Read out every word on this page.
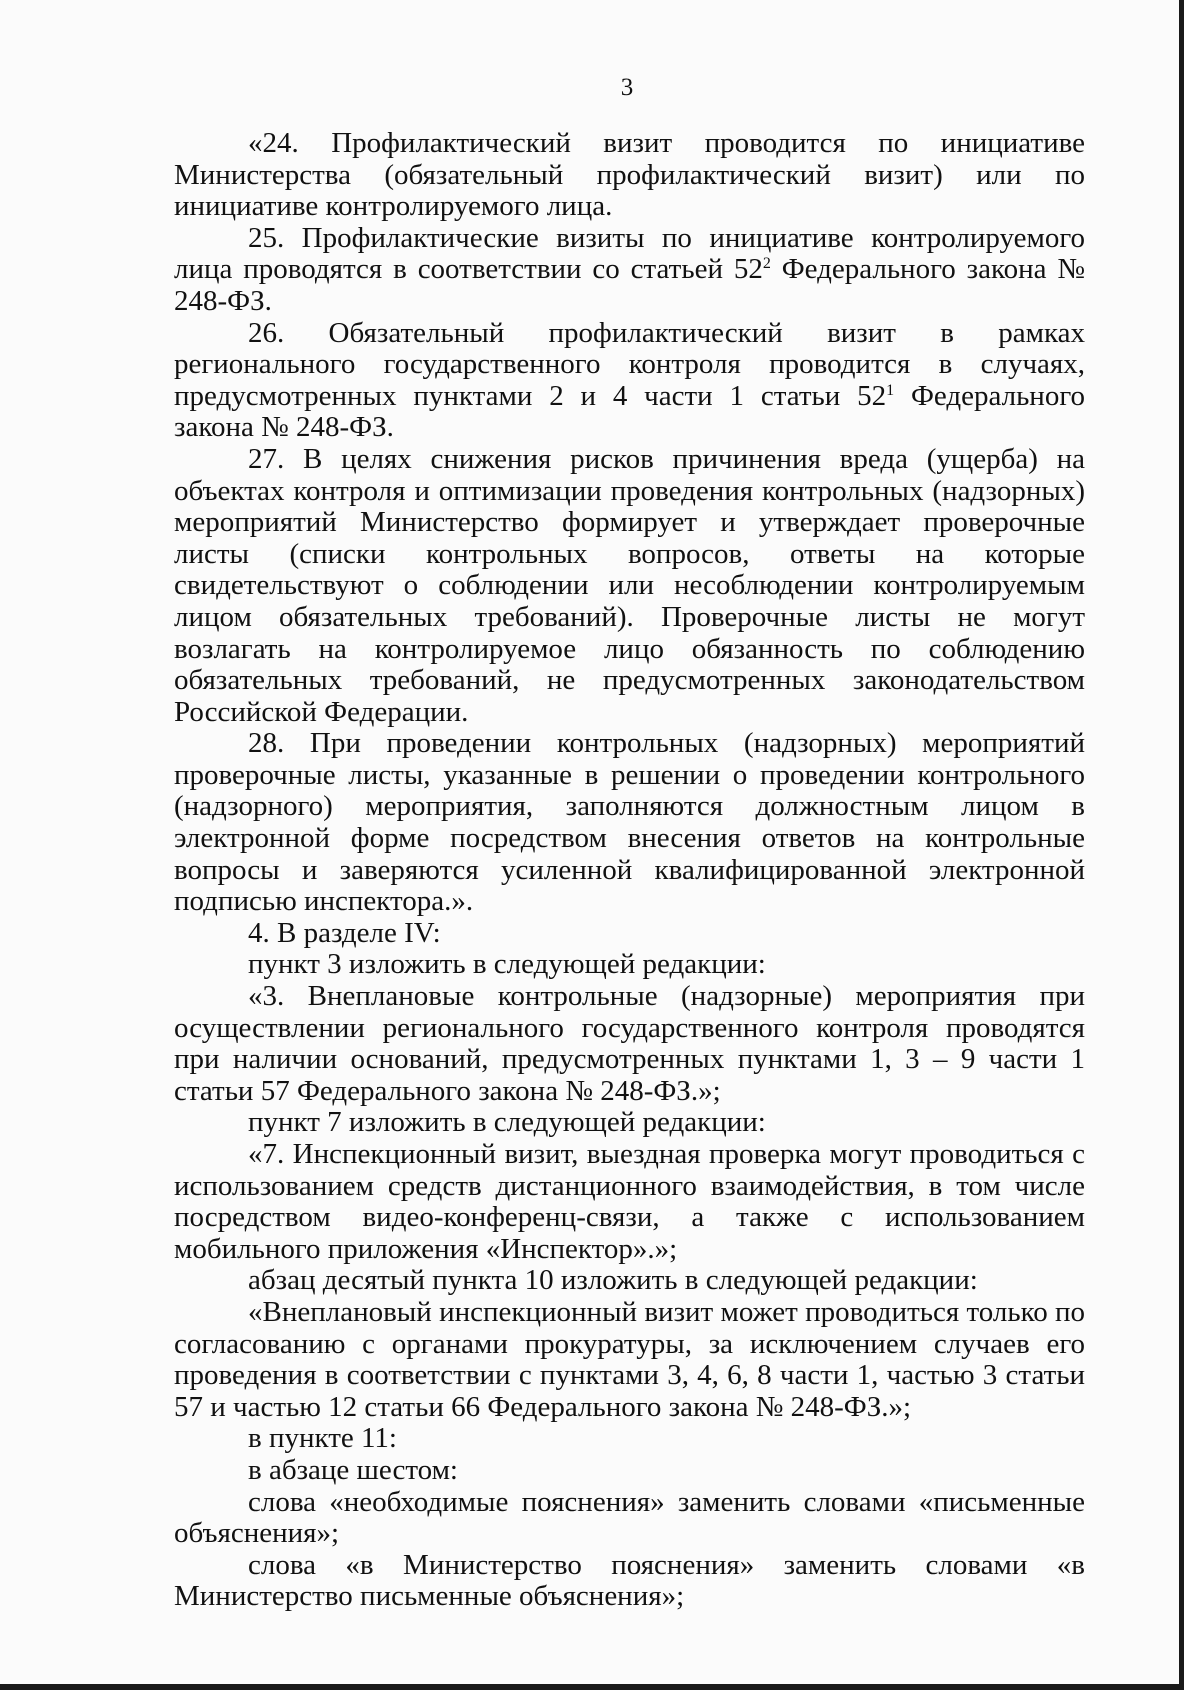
3

«24. Профилактический визит проводится по инициативе Министерства (обязательный профилактический визит) или по инициативе контролируемого лица.

25. Профилактические визиты по инициативе контролируемого лица проводятся в соответствии со статьей $52^2$ Федерального закона № 248-ФЗ.

26. Обязательный профилактический визит в рамках регионального государственного контроля проводится в случаях, предусмотренных пунктами 2 и 4 части 1 статьи $52^1$ Федерального закона № 248-ФЗ.

27. В целях снижения рисков причинения вреда (ущерба) на объектах контроля и оптимизации проведения контрольных (надзорных) мероприятий Министерство формирует и утверждает проверочные листы (списки контрольных вопросов, ответы на которые свидетельствуют о соблюдении или несоблюдении контролируемым лицом обязательных требований). Проверочные листы не могут возлагать на контролируемое лицо обязанность по соблюдению обязательных требований, не предусмотренных законодательством Российской Федерации.

28. При проведении контрольных (надзорных) мероприятий проверочные листы, указанные в решении о проведении контрольного (надзорного) мероприятия, заполняются должностным лицом в электронной форме посредством внесения ответов на контрольные вопросы и заверяются усиленной квалифицированной электронной подписью инспектора.».

4. В разделе IV:

пункт 3 изложить в следующей редакции:

«3. Внеплановые контрольные (надзорные) мероприятия при осуществлении регионального государственного контроля проводятся при наличии оснований, предусмотренных пунктами 1, 3 – 9 части 1 статьи 57 Федерального закона № 248-ФЗ.»;

пункт 7 изложить в следующей редакции:

«7. Инспекционный визит, выездная проверка могут проводиться с использованием средств дистанционного взаимодействия, в том числе посредством видео-конференц-связи, а также с использованием мобильного приложения «Инспектор».»;

абзац десятый пункта 10 изложить в следующей редакции:

«Внеплановый инспекционный визит может проводиться только по согласованию с органами прокуратуры, за исключением случаев его проведения в соответствии с пунктами 3, 4, 6, 8 части 1, частью 3 статьи 57 и частью 12 статьи 66 Федерального закона № 248-ФЗ.»;

в пункте 11:

в абзаце шестом:

слова «необходимые пояснения» заменить словами «письменные объяснения»;

слова «в Министерство пояснения» заменить словами «в Министерство письменные объяснения»;
